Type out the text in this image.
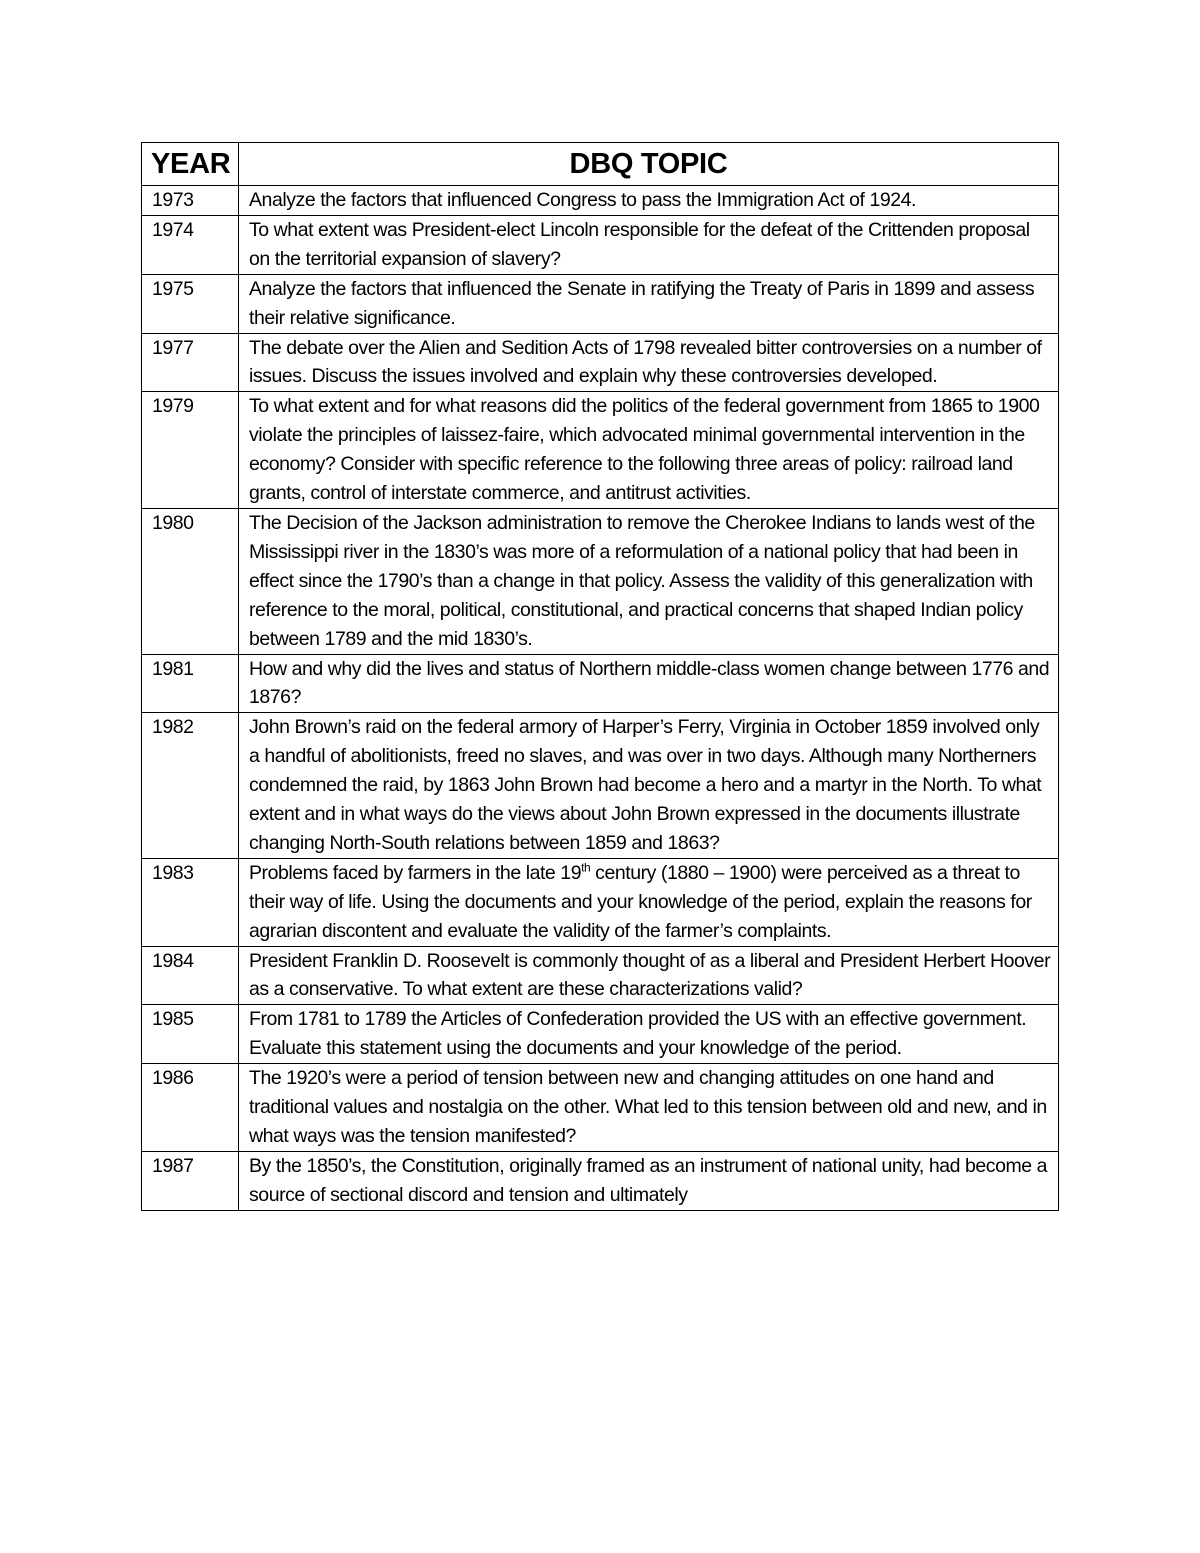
YEAR	DBQ TOPIC
1973	Analyze the factors that influenced Congress to pass the Immigration Act of 1924.
1974	To what extent was President-elect Lincoln responsible for the defeat of the Crittenden proposal on the territorial expansion of slavery?
1975	Analyze the factors that influenced the Senate in ratifying the Treaty of Paris in 1899 and assess their relative significance.
1977	The debate over the Alien and Sedition Acts of 1798 revealed bitter controversies on a number of issues. Discuss the issues involved and explain why these controversies developed.
1979	To what extent and for what reasons did the politics of the federal government from 1865 to 1900 violate the principles of laissez-faire, which advocated minimal governmental intervention in the economy? Consider with specific reference to the following three areas of policy: railroad land grants, control of interstate commerce, and antitrust activities.
1980	The Decision of the Jackson administration to remove the Cherokee Indians to lands west of the Mississippi river in the 1830’s was more of a reformulation of a national policy that had been in effect since the 1790’s than a change in that policy. Assess the validity of this generalization with reference to the moral, political, constitutional, and practical concerns that shaped Indian policy between 1789 and the mid 1830’s.
1981	How and why did the lives and status of Northern middle-class women change between 1776 and 1876?
1982	John Brown’s raid on the federal armory of Harper’s Ferry, Virginia in October 1859 involved only a handful of abolitionists, freed no slaves, and was over in two days. Although many Northerners condemned the raid, by 1863 John Brown had become a hero and a martyr in the North. To what extent and in what ways do the views about John Brown expressed in the documents illustrate changing North-South relations between 1859 and 1863?
1983	Problems faced by farmers in the late 19th century (1880 – 1900) were perceived as a threat to their way of life. Using the documents and your knowledge of the period, explain the reasons for agrarian discontent and evaluate the validity of the farmer’s complaints.
1984	President Franklin D. Roosevelt is commonly thought of as a liberal and President Herbert Hoover as a conservative. To what extent are these characterizations valid?
1985	From 1781 to 1789 the Articles of Confederation provided the US with an effective government. Evaluate this statement using the documents and your knowledge of the period.
1986	The 1920’s were a period of tension between new and changing attitudes on one hand and traditional values and nostalgia on the other. What led to this tension between old and new, and in what ways was the tension manifested?
1987	By the 1850’s, the Constitution, originally framed as an instrument of national unity, had become a source of sectional discord and tension and ultimately
